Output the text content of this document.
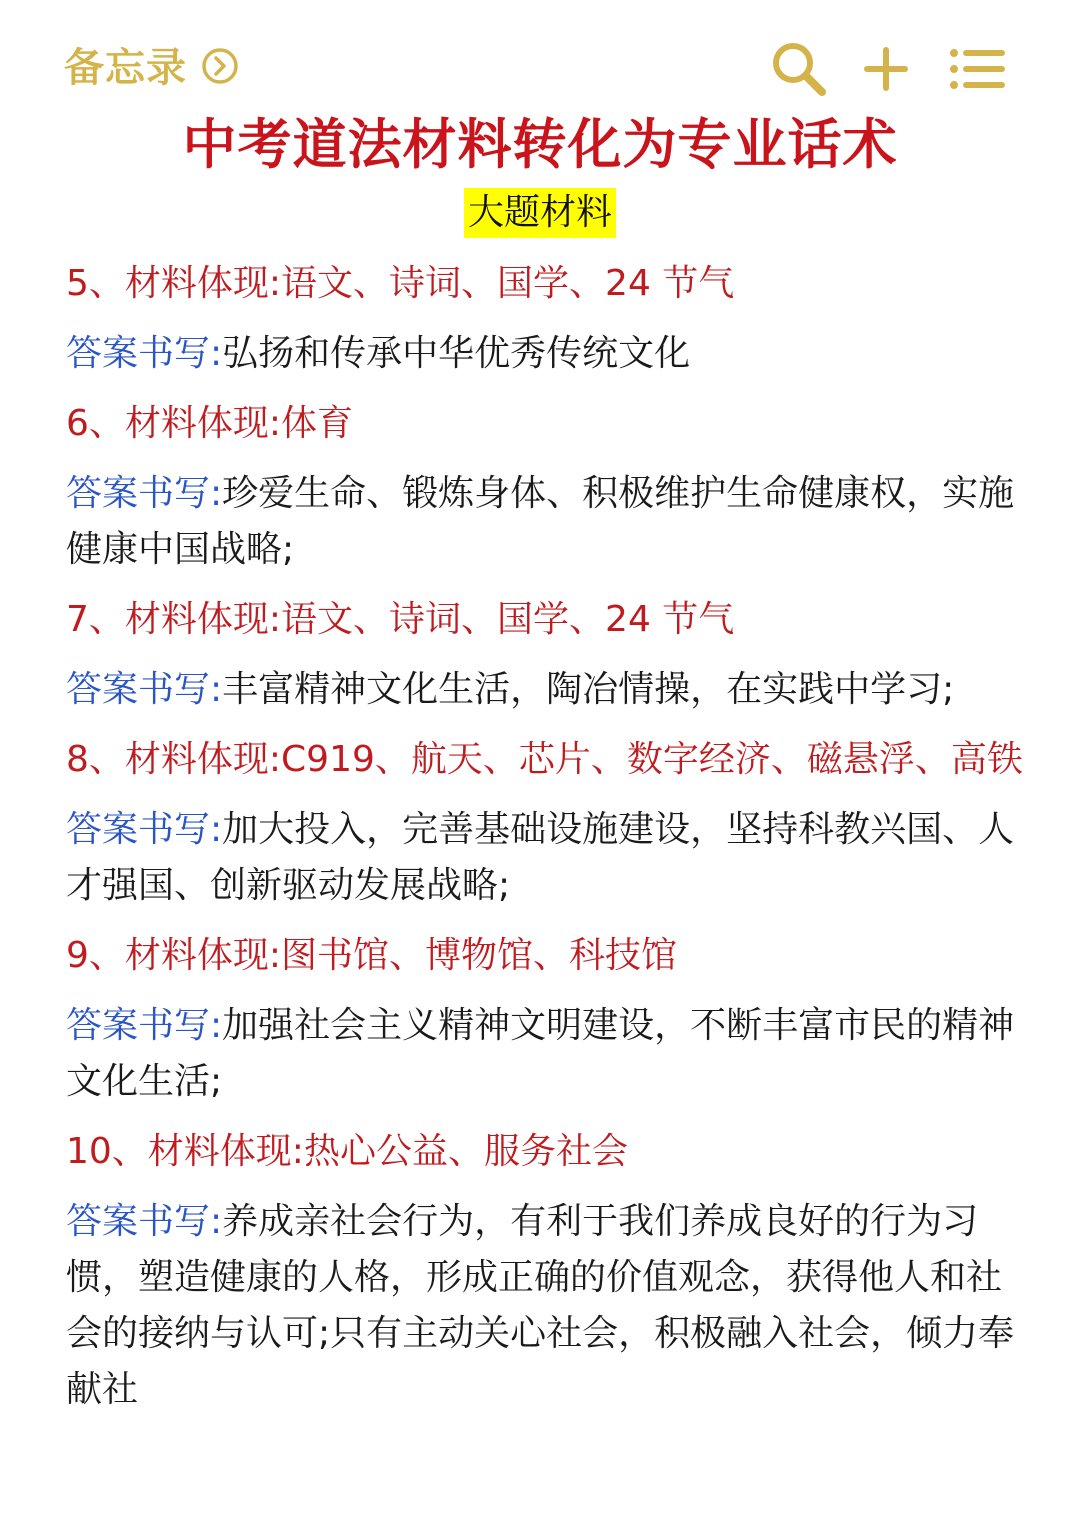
备忘录
中考道法材料转化为专业话术
大题材料

5、材料体现:语文、诗词、国学、24 节气

答案书写:弘扬和传承中华优秀传统文化

6、材料体现:体育

答案书写:珍爱生命、锻炼身体、积极维护生命健康权，实施健康中国战略;

7、材料体现:语文、诗词、国学、24 节气

答案书写:丰富精神文化生活，陶冶情操，在实践中学习;

8、材料体现:C919、航天、芯片、数字经济、磁悬浮、高铁

答案书写:加大投入，完善基础设施建设，坚持科教兴国、人才强国、创新驱动发展战略;

9、材料体现:图书馆、博物馆、科技馆

答案书写:加强社会主义精神文明建设，不断丰富市民的精神文化生活;

10、材料体现:热心公益、服务社会

答案书写:养成亲社会行为，有利于我们养成良好的行为习惯，塑造健康的人格，形成正确的价值观念，获得他人和社会的接纳与认可;只有主动关心社会，积极融入社会，倾力奉献社
